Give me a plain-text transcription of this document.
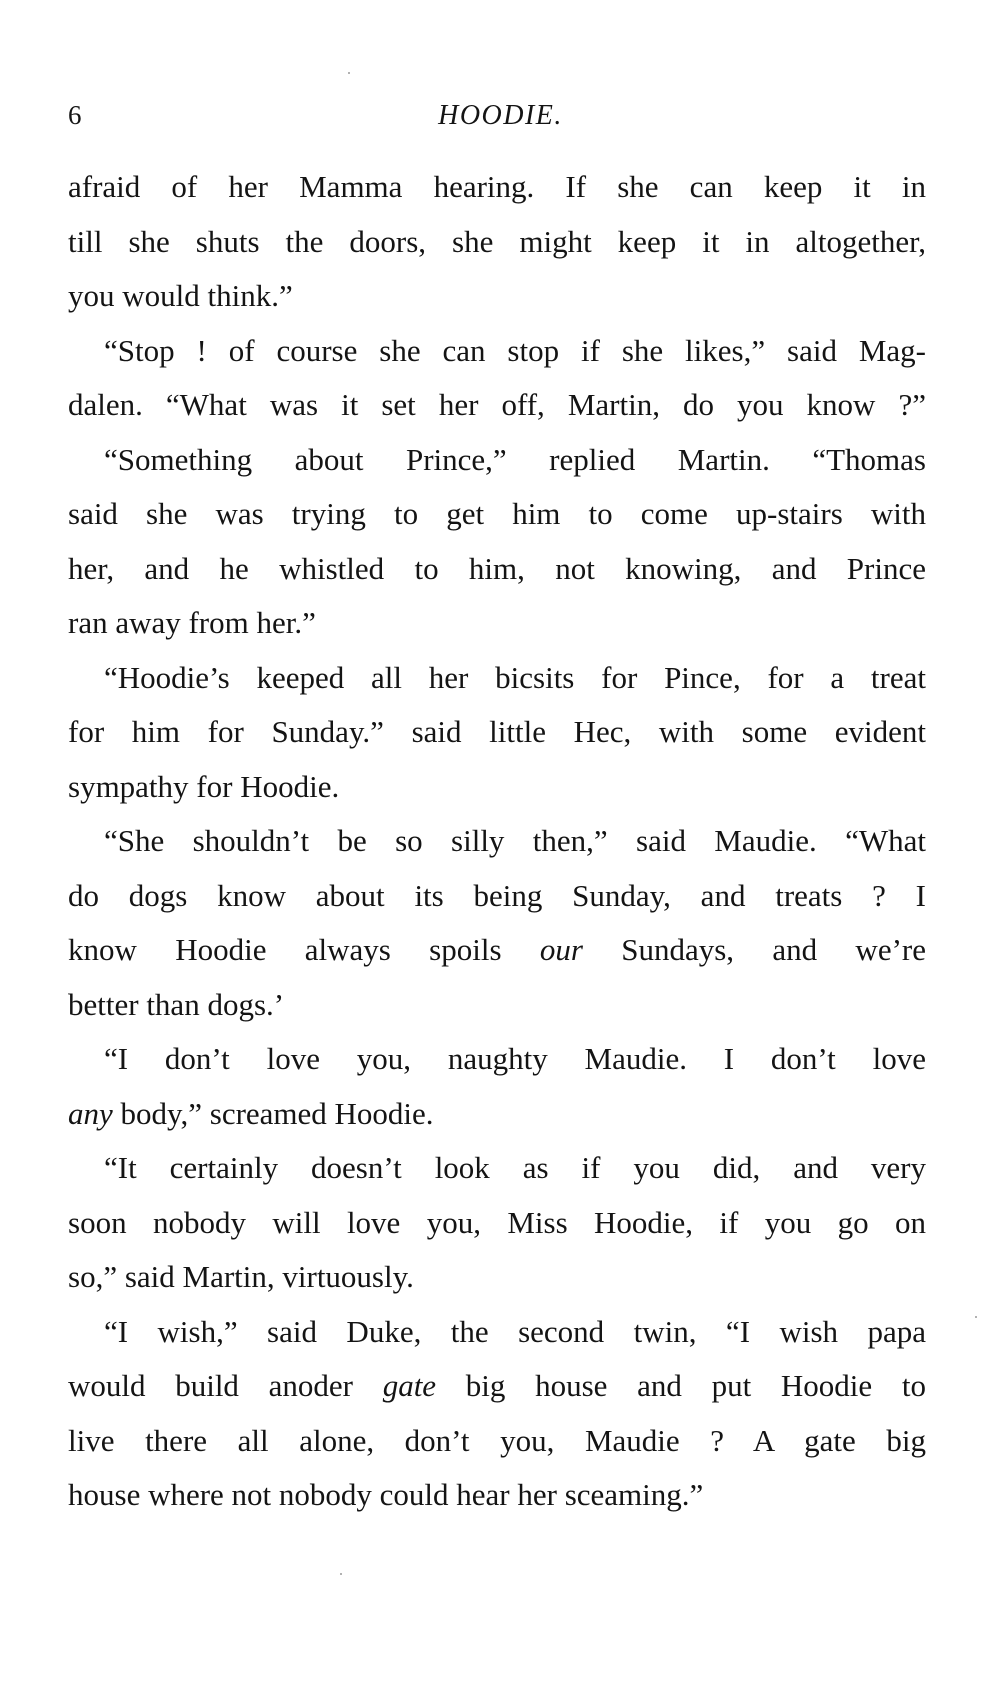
6	HOODIE.
afraid of her Mamma hearing. If she can keep it in
till she shuts the doors, she might keep it in altogether,
you would think.”
“Stop ! of course she can stop if she likes,” said Mag-
dalen. “What was it set her off, Martin, do you know ?”
“Something about Prince,” replied Martin. “Thomas
said she was trying to get him to come up-stairs with
her, and he whistled to him, not knowing, and Prince
ran away from her.”
“Hoodie’s keeped all her bicsits for Pince, for a treat
for him for Sunday.” said little Hec, with some evident
sympathy for Hoodie.
“She shouldn’t be so silly then,” said Maudie. “What
do dogs know about its being Sunday, and treats ? I
know Hoodie always spoils our Sundays, and we’re
better than dogs.’
“I don’t love you, naughty Maudie. I don’t love
any body,” screamed Hoodie.
“It certainly doesn’t look as if you did, and very
soon nobody will love you, Miss Hoodie, if you go on
so,” said Martin, virtuously.
“I wish,” said Duke, the second twin, “I wish papa
would build anoder gate big house and put Hoodie to
live there all alone, don’t you, Maudie ? A gate big
house where not nobody could hear her sceaming.”
